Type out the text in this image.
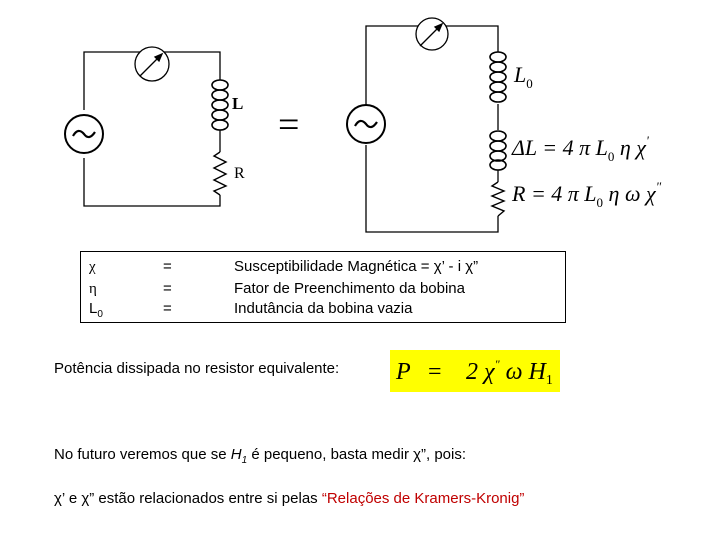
L
R
=
$L_0$
ΔL = 4 π $L_0$ η χ'
R = 4 π $L_0$ η ω χ"
χ	=	Susceptibilidade Magnética = χ’ - i χ”
η	=	Fator de Preenchimento da bobina
$L_0$	=	Indutância da bobina vazia
Potência dissipada no resistor equivalente: P = 2 χ" ω $H_1$
No futuro veremos que se $H_1$ é pequeno, basta medir χ”, pois:
χ’ e χ” estão relacionados entre si pelas “Relações de Kramers-Kronig”
